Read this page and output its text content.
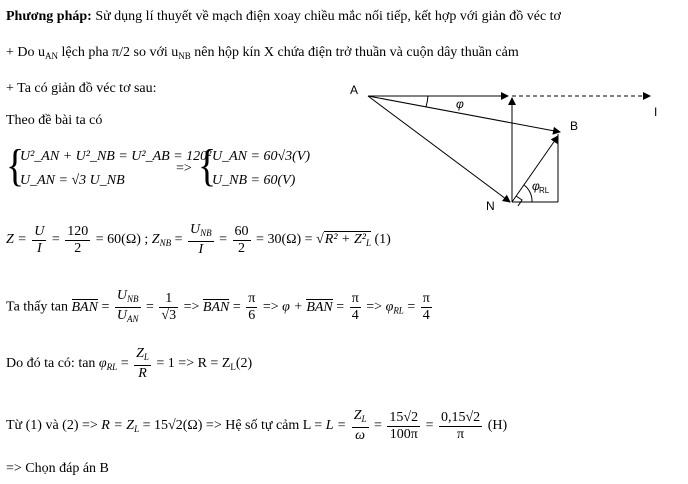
Phương pháp: Sử dụng lí thuyết về mạch điện xoay chiều mắc nối tiếp, kết hợp với giản đồ véc tơ
+ Do $u_{AN}$ lệch pha π/2 so với $u_{NB}$ nên hộp kín X chứa điện trở thuần và cuộn dây thuần cảm
+ Ta có giản đồ véc tơ sau:
Theo đề bài ta có
{
U²_AN + U²_NB = U²_AB = 120²
U_AN = √3 U_NB
=> {
U_AN = 60√3(V)
U_NB = 60(V)
$Z = \frac{U}{I} = \frac{120}{2} = 60(\Omega)$ ; $Z_{NB} = \frac{U_{NB}}{I} = \frac{60}{2} = 30(\Omega) = √R^2 + Z^2_L$ (1)
Ta thấy tan BAN = $\frac{U_{NB}}{U_{AN}} = \frac{1}{√3}$ => BAN = $\frac{\pi}{6} => \varphi$ + BAN = $\frac{\pi}{4} => \varphi_{RL} = \frac{\pi}{4}$
Do đó ta có: $\tan \varphi_{RL} = \frac{Z_L}{R} = 1 => R = Z_L(2)$
Từ (1) và $(2) => R = Z_L = 15√2(\Omega)$ => Hệ số tự cảm $L = L = \frac{Z_L}{\omega} = \frac{15√2}{100\pi} = \frac{0,15√2}{\pi} (H)$
=> Chọn đáp án B
A
B
N
I
φ
φ RL
